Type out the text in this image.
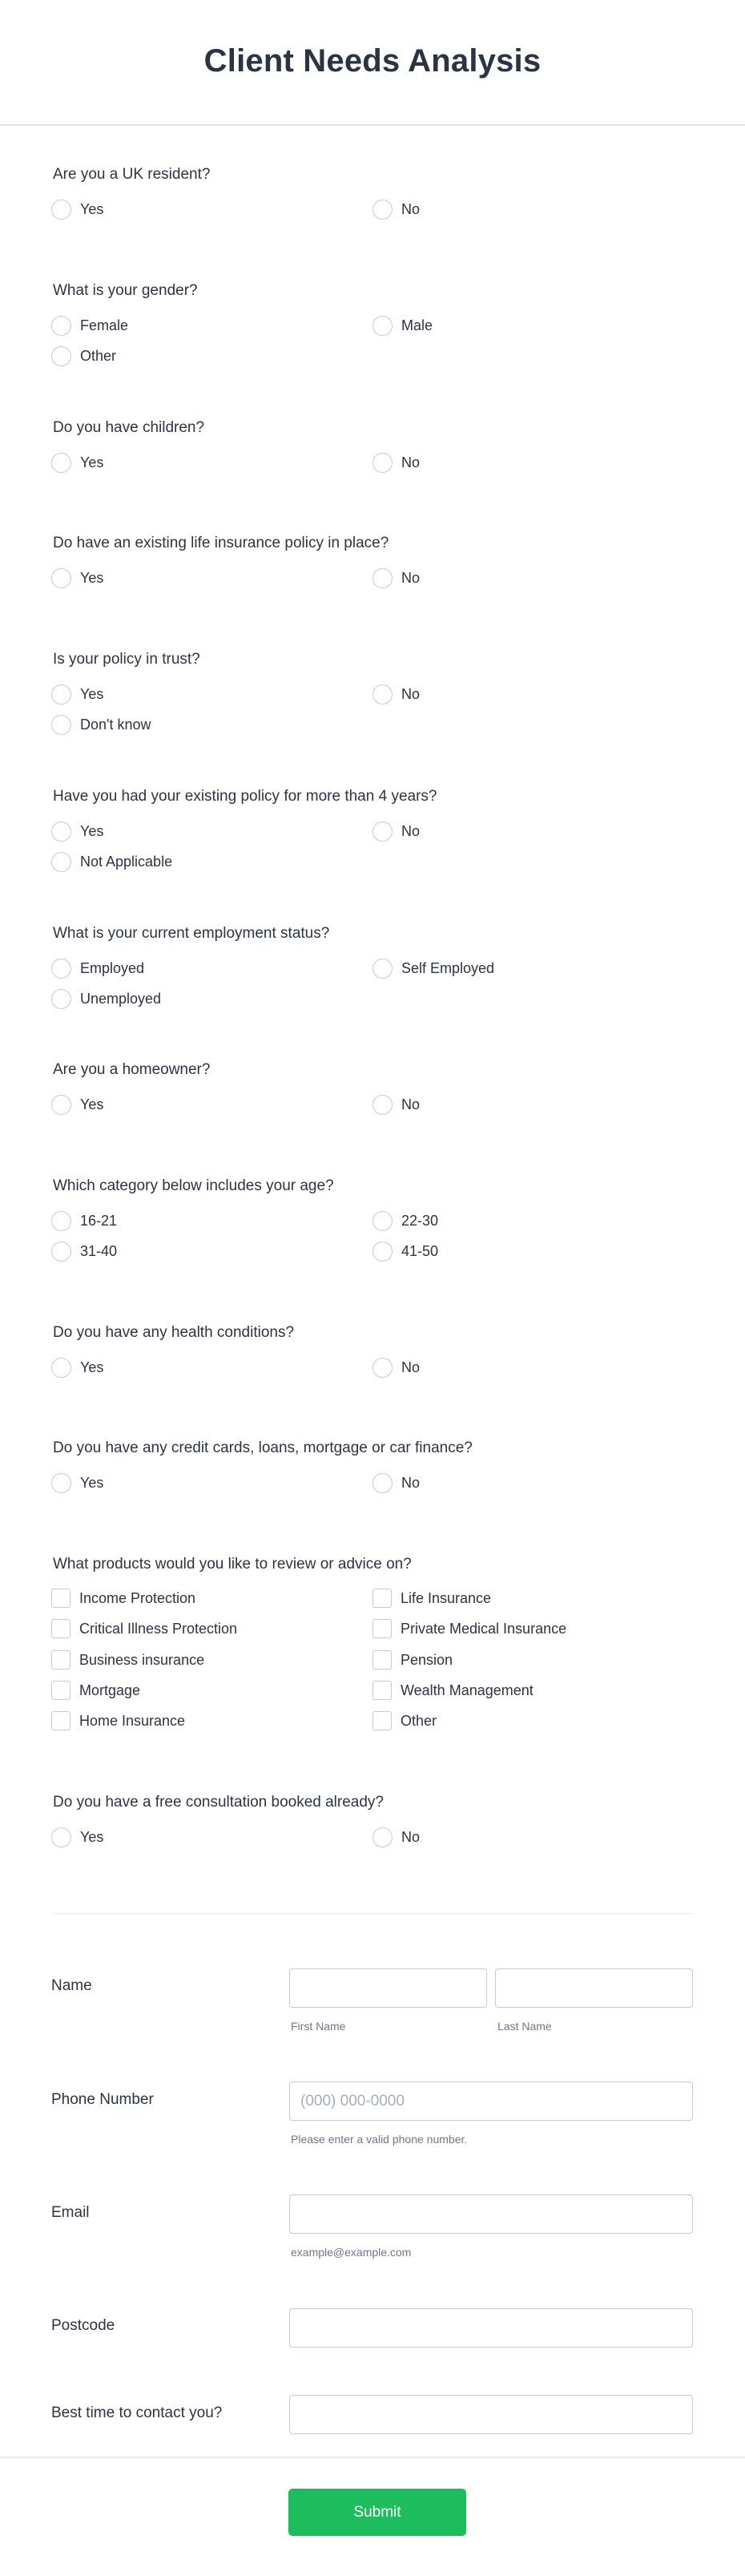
Client Needs Analysis
Are you a UK resident?
Yes	No
What is your gender?
Female	Male
Other
Do you have children?
Yes	No
Do have an existing life insurance policy in place?
Yes	No
Is your policy in trust?
Yes	No
Don't know
Have you had your existing policy for more than 4 years?
Yes	No
Not Applicable
What is your current employment status?
Employed	Self Employed
Unemployed
Are you a homeowner?
Yes	No
Which category below includes your age?
16-21	22-30
31-40	41-50
Do you have any health conditions?
Yes	No
Do you have any credit cards, loans, mortgage or car finance?
Yes	No
What products would you like to review or advice on?
Income Protection	Life Insurance
Critical Illness Protection	Private Medical Insurance
Business insurance	Pension
Mortgage	Wealth Management
Home Insurance	Other
Do you have a free consultation booked already?
Yes	No
Name
First Name	Last Name
Phone Number
(000) 000-0000
Please enter a valid phone number.
Email
example@example.com
Postcode
Best time to contact you?
Submit
